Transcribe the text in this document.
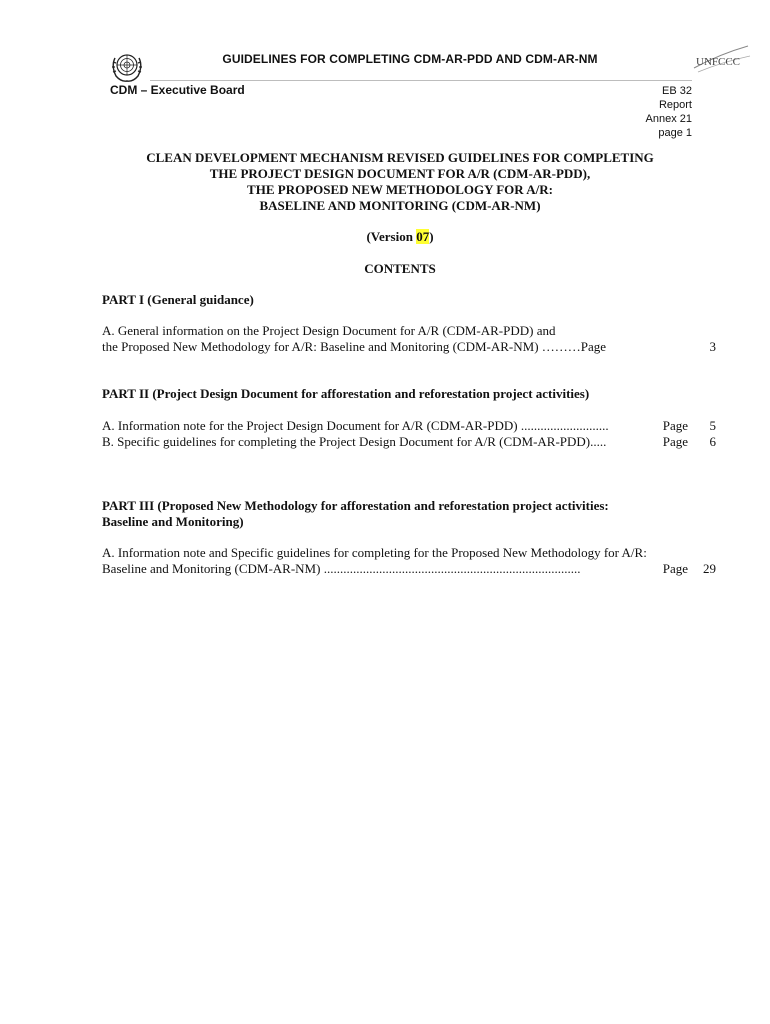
GUIDELINES FOR COMPLETING CDM-AR-PDD AND CDM-AR-NM	UNFCCC
CDM – Executive Board	EB 32
Report
Annex 21
page 1
CLEAN DEVELOPMENT MECHANISM REVISED GUIDELINES FOR COMPLETING
THE PROJECT DESIGN DOCUMENT FOR A/R (CDM-AR-PDD),
THE PROPOSED NEW METHODOLOGY FOR A/R:
BASELINE AND MONITORING (CDM-AR-NM)
(Version 07)
CONTENTS
PART I (General guidance)
A. General information on the Project Design Document for A/R (CDM-AR-PDD) and
the Proposed New Methodology for A/R: Baseline and Monitoring (CDM-AR-NM) ………Page	3
PART II (Project Design Document for afforestation and reforestation project activities)
A. Information note for the Project Design Document for A/R (CDM-AR-PDD) ...........................	Page 5
B. Specific guidelines for completing the Project Design Document for A/R (CDM-AR-PDD).....	Page 6
PART III (Proposed New Methodology for afforestation and reforestation project activities:
Baseline and Monitoring)
A. Information note and Specific guidelines for completing for the Proposed New Methodology for A/R:
Baseline and Monitoring (CDM-AR-NM) ...............................................................................	Page 29
